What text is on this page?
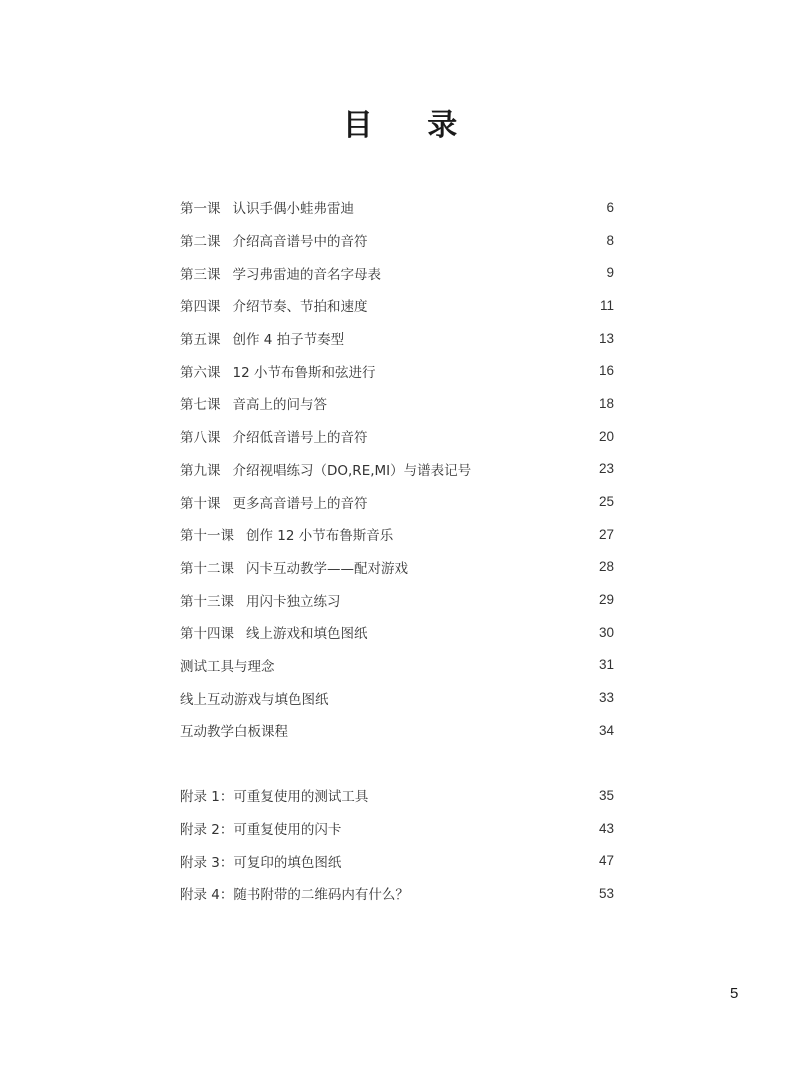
目 录
第一课 认识手偶小蛙弗雷迪	6
第二课 介绍高音谱号中的音符	8
第三课 学习弗雷迪的音名字母表	9
第四课 介绍节奏、节拍和速度	11
第五课 创作 4 拍子节奏型	13
第六课 12 小节布鲁斯和弦进行	16
第七课 音高上的问与答	18
第八课 介绍低音谱号上的音符	20
第九课 介绍视唱练习（DO,RE,MI）与谱表记号	23
第十课 更多高音谱号上的音符	25
第十一课 创作 12 小节布鲁斯音乐	27
第十二课 闪卡互动教学——配对游戏	28
第十三课 用闪卡独立练习	29
第十四课 线上游戏和填色图纸	30
测试工具与理念	31
线上互动游戏与填色图纸	33
互动教学白板课程	34
附录 1：可重复使用的测试工具	35
附录 2：可重复使用的闪卡	43
附录 3：可复印的填色图纸	47
附录 4：随书附带的二维码内有什么？	53
5
